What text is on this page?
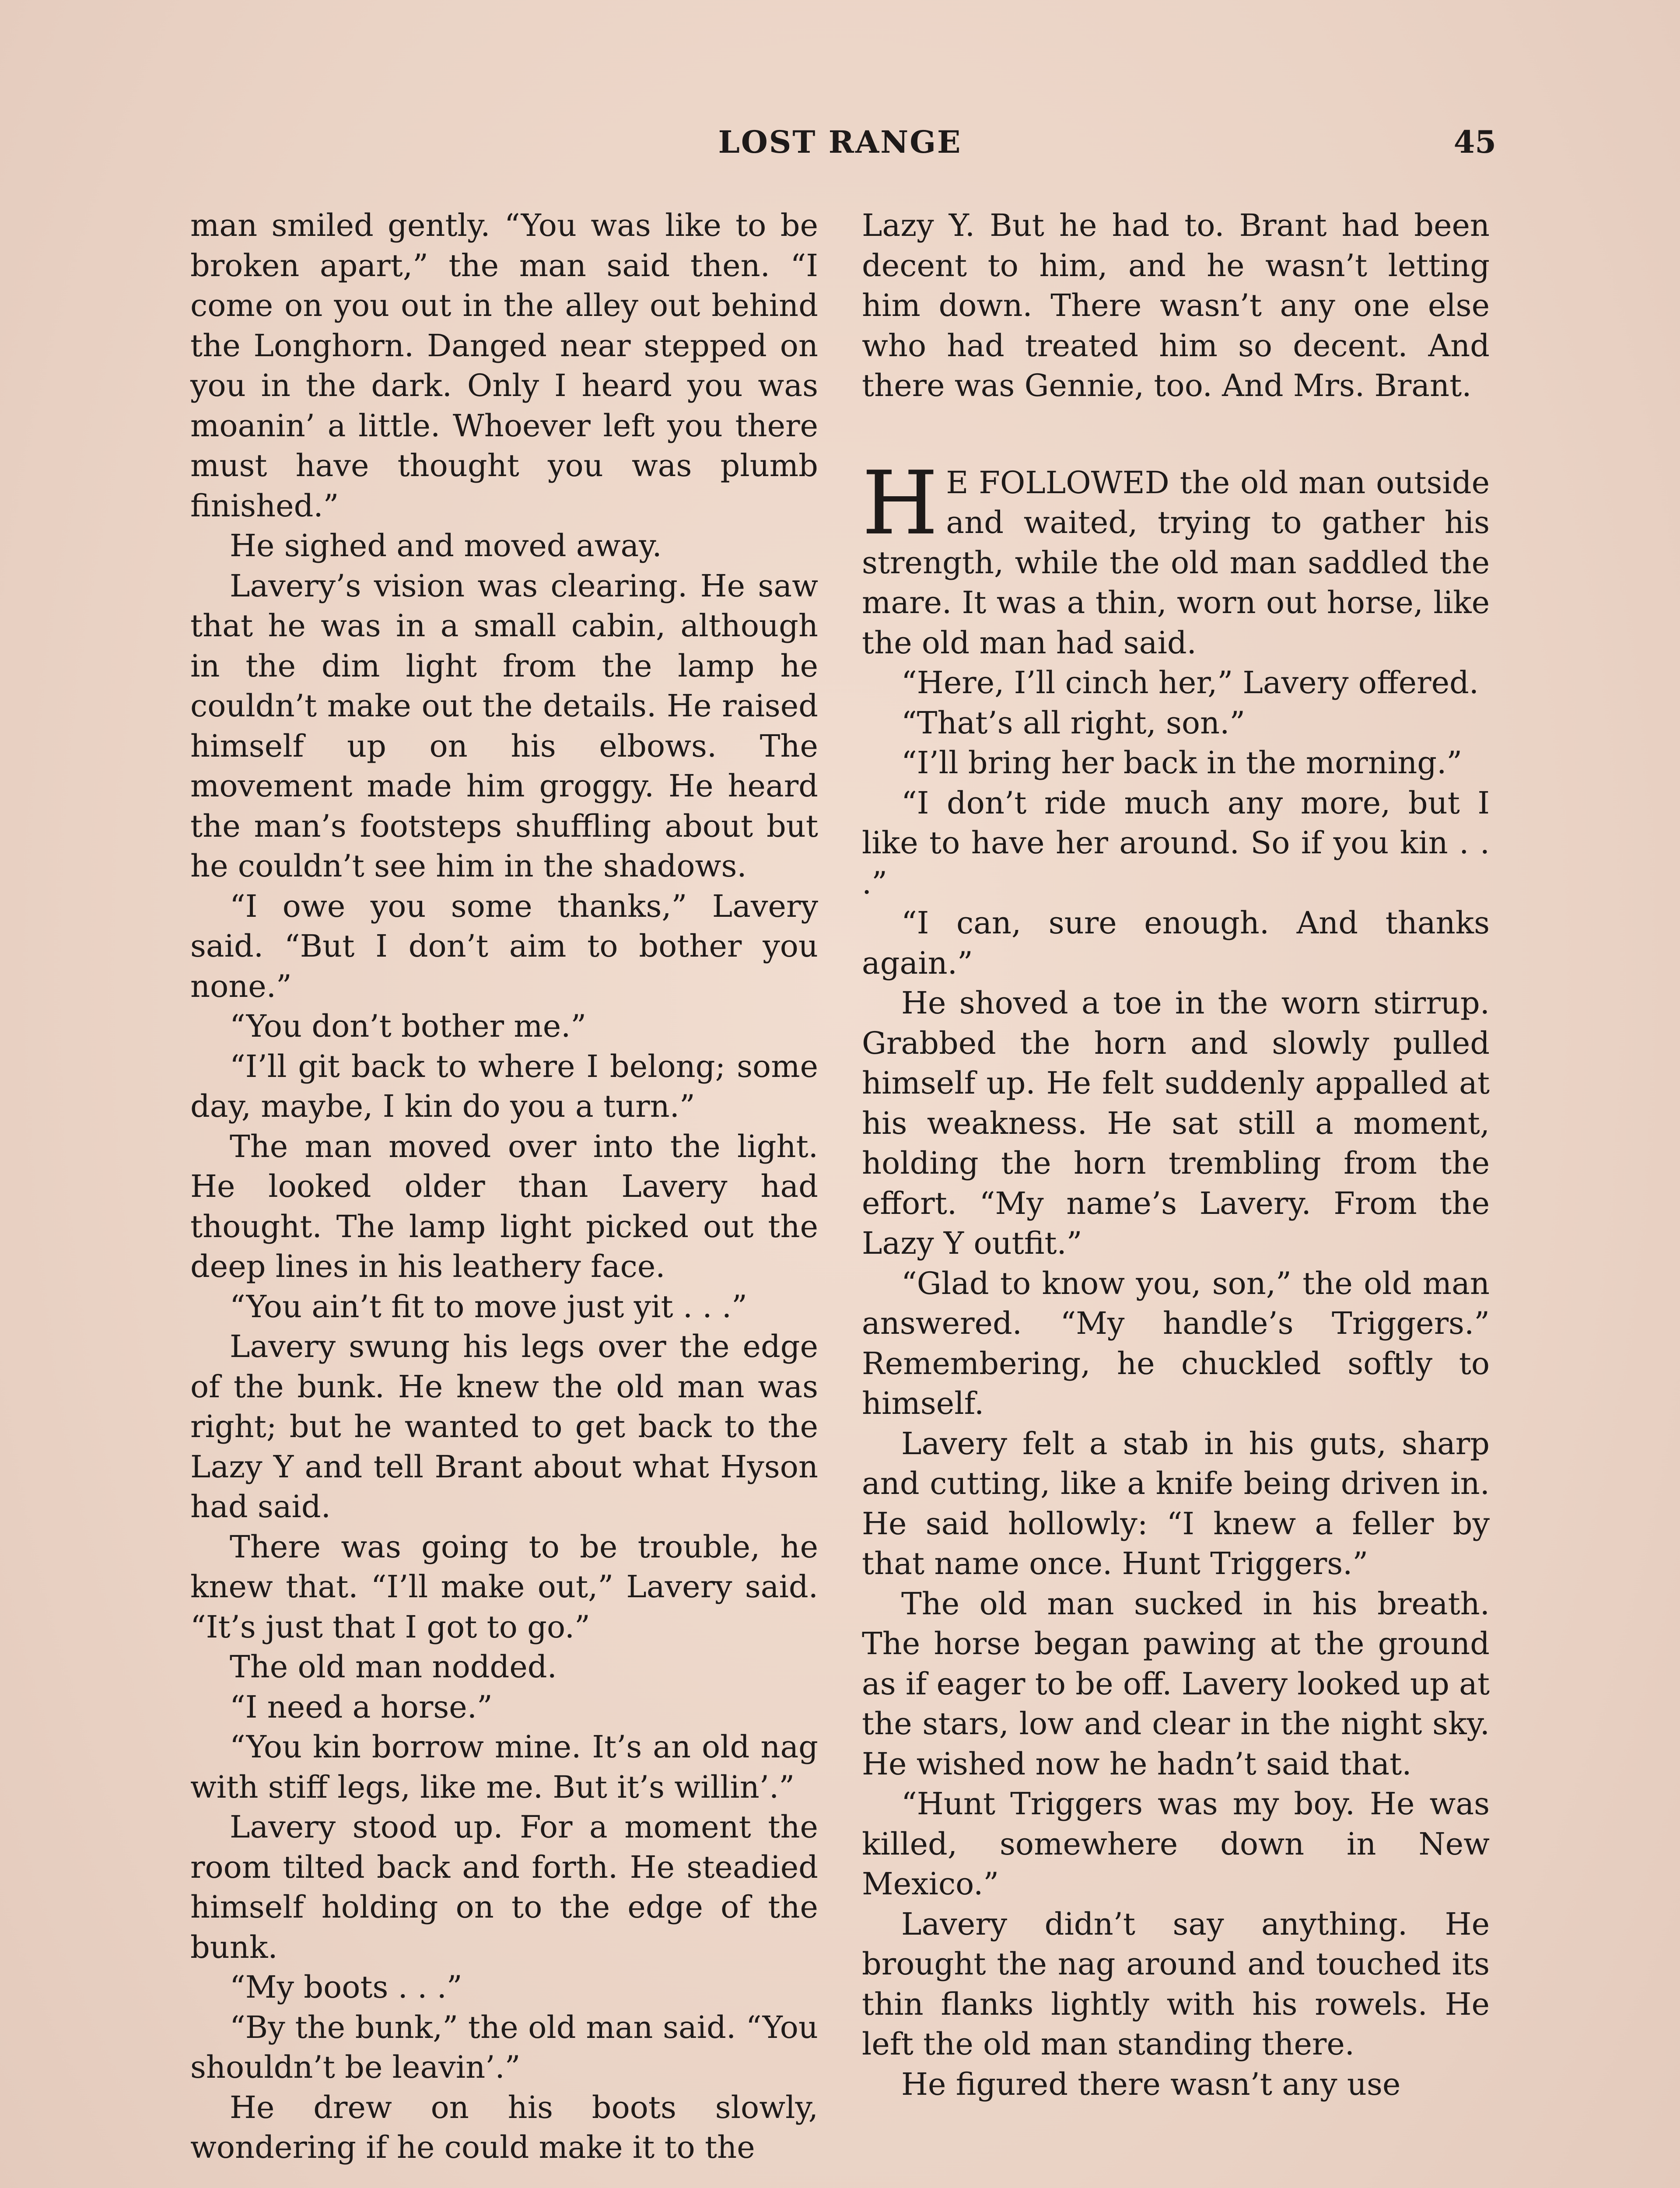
LOST RANGE	45

man smiled gently. “You was like to be broken apart,” the man said then. “I come on you out in the alley out behind the Longhorn. Danged near stepped on you in the dark. Only I heard you was moanin’ a little. Whoever left you there must have thought you was plumb finished.”

He sighed and moved away.

Lavery’s vision was clearing. He saw that he was in a small cabin, although in the dim light from the lamp he couldn’t make out the details. He raised himself up on his elbows. The movement made him groggy. He heard the man’s footsteps shuffling about but he couldn’t see him in the shadows.

“I owe you some thanks,” Lavery said. “But I don’t aim to bother you none.”

“You don’t bother me.”

“I’ll git back to where I belong; some day, maybe, I kin do you a turn.”

The man moved over into the light. He looked older than Lavery had thought. The lamp light picked out the deep lines in his leathery face.

“You ain’t fit to move just yit . . .”

Lavery swung his legs over the edge of the bunk. He knew the old man was right; but he wanted to get back to the Lazy Y and tell Brant about what Hyson had said.

There was going to be trouble, he knew that. “I’ll make out,” Lavery said. “It’s just that I got to go.”

The old man nodded.

“I need a horse.”

“You kin borrow mine. It’s an old nag with stiff legs, like me. But it’s willin’.”

Lavery stood up. For a moment the room tilted back and forth. He steadied himself holding on to the edge of the bunk.

“My boots . . .”

“By the bunk,” the old man said. “You shouldn’t be leavin’.”

He drew on his boots slowly, wondering if he could make it to the

Lazy Y. But he had to. Brant had been decent to him, and he wasn’t letting him down. There wasn’t any one else who had treated him so decent. And there was Gennie, too. And Mrs. Brant.

H E FOLLOWED the old man outside and waited, trying to gather his strength, while the old man saddled the mare. It was a thin, worn out horse, like the old man had said.

“Here, I’ll cinch her,” Lavery offered.

“That’s all right, son.”

“I’ll bring her back in the morning.”

“I don’t ride much any more, but I like to have her around. So if you kin . . .”

“I can, sure enough. And thanks again.”

He shoved a toe in the worn stirrup. Grabbed the horn and slowly pulled himself up. He felt suddenly appalled at his weakness. He sat still a moment, holding the horn trembling from the effort. “My name’s Lavery. From the Lazy Y outfit.”

“Glad to know you, son,” the old man answered. “My handle’s Triggers.” Remembering, he chuckled softly to himself.

Lavery felt a stab in his guts, sharp and cutting, like a knife being driven in. He said hollowly: “I knew a feller by that name once. Hunt Triggers.”

The old man sucked in his breath. The horse began pawing at the ground as if eager to be off. Lavery looked up at the stars, low and clear in the night sky. He wished now he hadn’t said that.

“Hunt Triggers was my boy. He was killed, somewhere down in New Mexico.”

Lavery didn’t say anything. He brought the nag around and touched its thin flanks lightly with his rowels. He left the old man standing there.

He figured there wasn’t any use
